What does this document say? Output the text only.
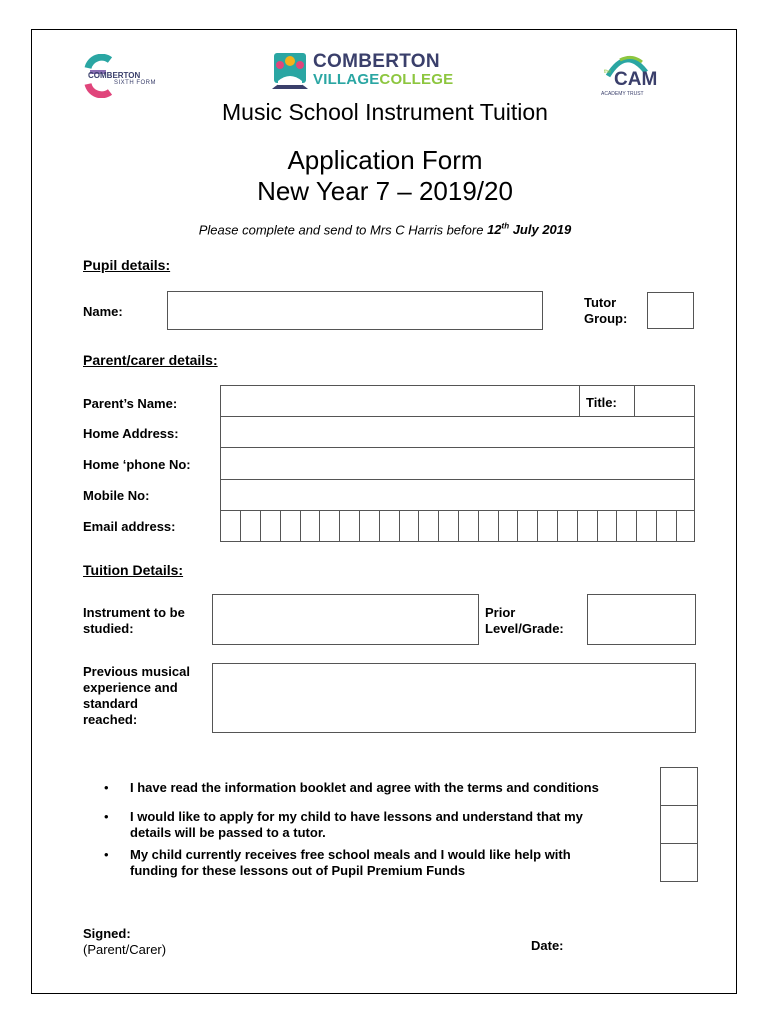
COMBERTON
SIXTH FORM
COMBERTON
VILLAGECOLLEGE	the CAM
ACADEMY TRUST
Music School Instrument Tuition
Application Form
New Year 7 – 2019/20
Please complete and send to Mrs C Harris before 12th July 2019
Pupil details:
Name:
Tutor
Group:
Parent/carer details:
Parent’s Name:	Title:
Home Address:
Home ‘phone No:
Mobile No:
Email address:
Tuition Details:
Instrument to be
studied:
Prior
Level/Grade:
Previous musical
experience and
standard
reached:
• I have read the information booklet and agree with the terms and conditions
• I would like to apply for my child to have lessons and understand that my
details will be passed to a tutor.
• My child currently receives free school meals and I would like help with
funding for these lessons out of Pupil Premium Funds
Signed:
(Parent/Carer)	Date:
